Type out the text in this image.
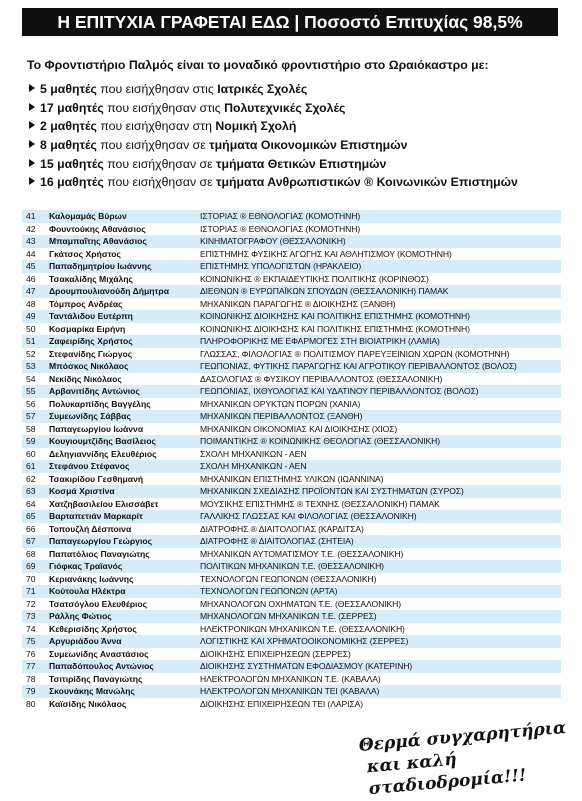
Η ΕΠΙΤΥΧΙΑ ΓΡΑΦΕΤΑΙ ΕΔΩ | Ποσοστό Επιτυχίας 98,5%
Το Φροντιστήριο Παλμός είναι το μοναδικό φροντιστήριο στο Ωραιόκαστρο με:
5 μαθητές που εισήχθησαν στις Ιατρικές Σχολές
17 μαθητές που εισήχθησαν στις Πολυτεχνικές Σχολές
2 μαθητές που εισήχθησαν στη Νομική Σχολή
8 μαθητές που εισήχθησαν σε τμήματα Οικονομικών Επιστημών
15 μαθητές που εισήχθησαν σε τμήματα Θετικών Επιστημών
16 μαθητές που εισήχθησαν σε τμήματα Ανθρωπιστικών ® Κοινωνικών Επιστημών
41	Καλομαμάς Βύρων	ΙΣΤΟΡΙΑΣ ® ΕΘΝΟΛΟΓΙΑΣ (ΚΟΜΟΤΗΝΗ)
42	Φουντούκης Αθανάσιος	ΙΣΤΟΡΙΑΣ ® ΕΘΝΟΛΟΓΙΑΣ (ΚΟΜΟΤΗΝΗ)
43	Μπαμπαΐτης Αθανάσιος	ΚΙΝΗΜΑΤΟΓΡΑΦΟΥ (ΘΕΣΣΑΛΟΝΙΚΗ)
44	Γκάτσος Χρήστος	ΕΠΙΣΤΗΜΗΣ ΦΥΣΙΚΗΣ ΑΓΩΓΗΣ ΚΑΙ ΑΘΛΗΤΙΣΜΟΥ (ΚΟΜΟΤΗΝΗ)
45	Παπαδημητρίου Ιωάννης	ΕΠΙΣΤΗΜΗΣ ΥΠΟΛΟΓΙΣΤΩΝ (ΗΡΑΚΛΕΙΟ)
46	Τσακαλίδης Μιχάλης	ΚΟΙΝΩΝΙΚΗΣ ® ΕΚΠΑΙΔΕΥΤΙΚΗΣ ΠΟΛΙΤΙΚΗΣ (ΚΟΡΙΝΘΟΣ)
47	Δρουμπουλιανούδη Δήμητρα	ΔΙΕΘΝΩΝ ® ΕΥΡΩΠΑΪΚΩΝ ΣΠΟΥΔΩΝ (ΘΕΣΣΑΛΟΝΙΚΗ) ΠΑΜΑΚ
48	Τόμπρος Ανδρέας	ΜΗΧΑΝΙΚΩΝ ΠΑΡΑΓΩΓΗΣ ® ΔΙΟΙΚΗΣΗΣ (ΞΑΝΘΗ)
49	Ταντάλιδου Ευτέρπη	ΚΟΙΝΩΝΙΚΗΣ ΔΙΟΙΚΗΣΗΣ ΚΑΙ ΠΟΛΙΤΙΚΗΣ ΕΠΙΣΤΗΜΗΣ (ΚΟΜΟΤΗΝΗ)
50	Κοσμαρίκα Ειρήνη	ΚΟΙΝΩΝΙΚΗΣ ΔΙΟΙΚΗΣΗΣ ΚΑΙ ΠΟΛΙΤΙΚΗΣ ΕΠΙΣΤΗΜΗΣ (ΚΟΜΟΤΗΝΗ)
51	Ζαφειρίδης Χρήστος	ΠΛΗΡΟΦΟΡΙΚΗΣ ΜΕ ΕΦΑΡΜΟΓΕΣ ΣΤΗ ΒΙΟΙΑΤΡΙΚΗ (ΛΑΜΙΑ)
52	Στεφανίδης Γιώργος	ΓΛΩΣΣΑΣ, ΦΙΛΟΛΟΓΙΑΣ ® ΠΟΛΙΤΙΣΜΟΥ ΠΑΡΕΥΞΕΙΝΙΩΝ ΧΩΡΩΝ (ΚΟΜΟΤΗΝΗ)
53	Μπόσκος Νικόλαος	ΓΕΩΠΟΝΙΑΣ, ΦΥΤΙΚΗΣ ΠΑΡΑΓΩΓΗΣ ΚΑΙ ΑΓΡΟΤΙΚΟΥ ΠΕΡΙΒΑΛΛΟΝΤΟΣ (ΒΟΛΟΣ)
54	Νεκίδης Νικόλαος	ΔΑΣΟΛΟΓΙΑΣ ® ΦΥΣΙΚΟΥ ΠΕΡΙΒΑΛΛΟΝΤΟΣ (ΘΕΣΣΑΛΟΝΙΚΗ)
55	Αρβανιτίδης Αντώνιος	ΓΕΩΠΟΝΙΑΣ, ΙΧΘΥΟΛΟΓΙΑΣ ΚΑΙ ΥΔΑΤΙΝΟΥ ΠΕΡΙΒΑΛΛΟΝΤΟΣ (ΒΟΛΟΣ)
56	Πολυκαρπίδης Βαγγέλης	ΜΗΧΑΝΙΚΩΝ ΟΡΥΚΤΩΝ ΠΟΡΩΝ (ΧΑΝΙΑ)
57	Συμεωνίδης Σάββας	ΜΗΧΑΝΙΚΩΝ ΠΕΡΙΒΑΛΛΟΝΤΟΣ (ΞΑΝΘΗ)
58	Παπαγεωργίου Ιωάννα	ΜΗΧΑΝΙΚΩΝ ΟΙΚΟΝΟΜΙΑΣ ΚΑΙ ΔΙΟΙΚΗΣΗΣ (ΧΙΟΣ)
59	Κουγιουμτζίδης Βασίλειος	ΠΟΙΜΑΝΤΙΚΗΣ ® ΚΟΙΝΩΝΙΚΗΣ ΘΕΟΛΟΓΙΑΣ (ΘΕΣΣΑΛΟΝΙΚΗ)
60	Δεληγιαννίδης Ελευθέριος	ΣΧΟΛΗ ΜΗΧΑΝΙΚΩΝ - ΑΕΝ
61	Στεφάνου Στέφανος	ΣΧΟΛΗ ΜΗΧΑΝΙΚΩΝ - ΑΕΝ
62	Τσακιρίδου Γεσθημανή	ΜΗΧΑΝΙΚΩΝ ΕΠΙΣΤΗΜΗΣ ΥΛΙΚΩΝ (ΙΩΑΝΝΙΝΑ)
63	Κοσμά Χριστίνα	ΜΗΧΑΝΙΚΩΝ ΣΧΕΔΙΑΣΗΣ ΠΡΟΪΟΝΤΩΝ ΚΑΙ ΣΥΣΤΗΜΑΤΩΝ (ΣΥΡΟΣ)
64	Χατζηβασιλείου Ελισσάβετ	ΜΟΥΣΙΚΗΣ ΕΠΙΣΤΗΜΗΣ ® ΤΕΧΝΗΣ (ΘΕΣΣΑΛΟΝΙΚΗ) ΠΑΜΑΚ
65	Βαρταπετιάν Μαρκαρίτ	ΓΑΛΛΙΚΗΣ ΓΛΩΣΣΑΣ ΚΑΙ ΦΙΛΟΛΟΓΙΑΣ (ΘΕΣΣΑΛΟΝΙΚΗ)
66	Τοπουζλή Δέσποινα	ΔΙΑΤΡΟΦΗΣ ® ΔΙΑΙΤΟΛΟΓΙΑΣ (ΚΑΡΔΙΤΣΑ)
67	Παπαγεωργίου Γεώργιος	ΔΙΑΤΡΟΦΗΣ ® ΔΙΑΙΤΟΛΟΓΙΑΣ (ΣΗΤΕΙΑ)
68	Παπατόλιος Παναγιώτης	ΜΗΧΑΝΙΚΩΝ ΑΥΤΟΜΑΤΙΣΜΟΥ Τ.Ε. (ΘΕΣΣΑΛΟΝΙΚΗ)
69	Γιόφκας Τραϊανός	ΠΟΛΙΤΙΚΩΝ ΜΗΧΑΝΙΚΩΝ Τ.Ε. (ΘΕΣΣΑΛΟΝΙΚΗ)
70	Κεριανάκης Ιωάννης	ΤΕΧΝΟΛΟΓΩΝ ΓΕΩΠΟΝΩΝ (ΘΕΣΣΑΛΟΝΙΚΗ)
71	Κούτουλα Ηλέκτρα	ΤΕΧΝΟΛΟΓΩΝ ΓΕΩΠΟΝΩΝ (ΑΡΤΑ)
72	Τσατσόγλου Ελευθέριος	ΜΗΧΑΝΟΛΟΓΩΝ ΟΧΗΜΑΤΩΝ Τ.Ε. (ΘΕΣΣΑΛΟΝΙΚΗ)
73	Ράλλης Φώτιος	ΜΗΧΑΝΟΛΟΓΩΝ ΜΗΧΑΝΙΚΩΝ Τ.Ε. (ΣΕΡΡΕΣ)
74	Κεθερισίδης Χρήστος	ΗΛΕΚΤΡΟΝΙΚΩΝ ΜΗΧΑΝΙΚΩΝ Τ.Ε. (ΘΕΣΣΑΛΟΝΙΚΗ)
75	Αργυριάδου Άννα	ΛΟΓΙΣΤΙΚΗΣ ΚΑΙ ΧΡΗΜΑΤΟΟΙΚΟΝΟΜΙΚΗΣ (ΣΕΡΡΕΣ)
76	Συμεωνίδης Αναστάσιος	ΔΙΟΙΚΗΣΗΣ ΕΠΙΧΕΙΡΗΣΕΩΝ (ΣΕΡΡΕΣ)
77	Παπαδόπουλος Αντώνιος	ΔΙΟΙΚΗΣΗΣ ΣΥΣΤΗΜΑΤΩΝ ΕΦΟΔΙΑΣΜΟΥ (ΚΑΤΕΡΙΝΗ)
78	Τσιτιρίδης Παναγιώτης	ΗΛΕΚΤΡΟΛΟΓΩΝ ΜΗΧΑΝΙΚΩΝ Τ.Ε. (ΚΑΒΑΛΑ)
79	Σκουνάκης Μανώλης	ΗΛΕΚΤΡΟΛΟΓΩΝ ΜΗΧΑΝΙΚΩΝ ΤΕΙ (ΚΑΒΑΛΑ)
80	Καϊσίδης Νικόλαος	ΔΙΟΙΚΗΣΗΣ ΕΠΙΧΕΙΡΗΣΕΩΝ ΤΕΙ (ΛΑΡΙΣΑ)
Θερμά συγχαρητήρια
και καλή σταδιοδρομία!!!
